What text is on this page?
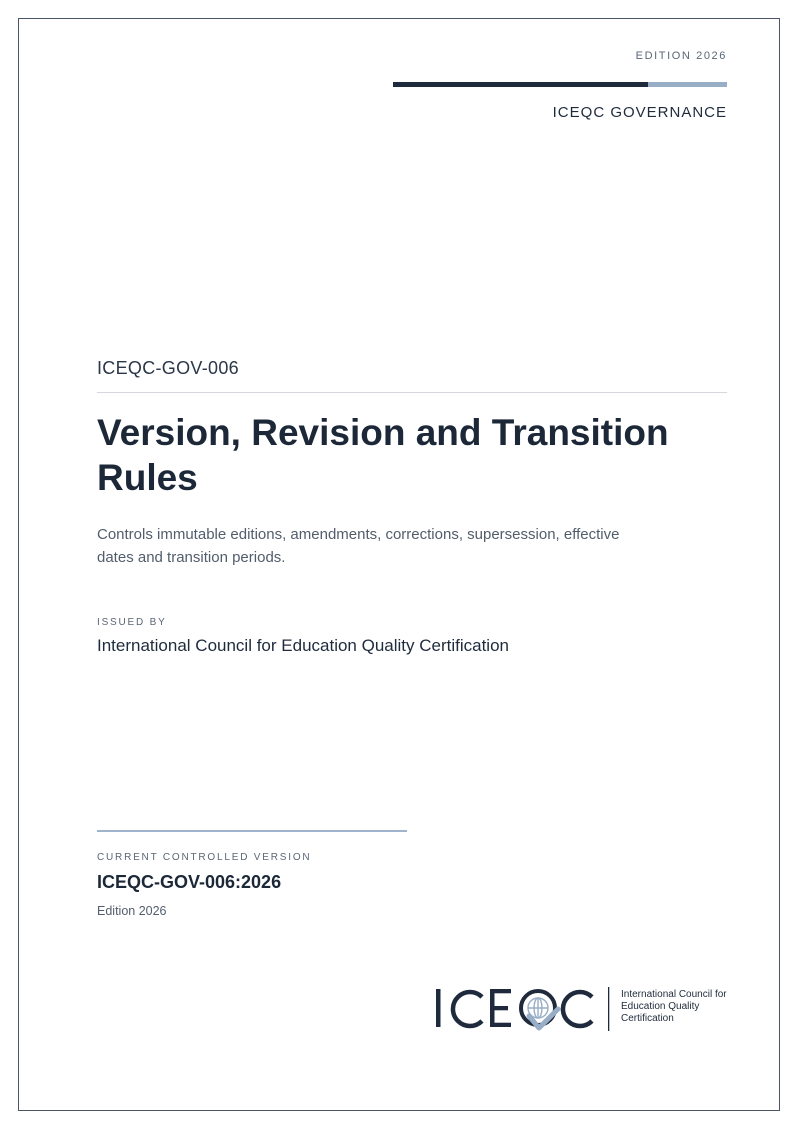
EDITION 2026
ICEQC GOVERNANCE
ICEQC-GOV-006
Version, Revision and Transition Rules

Controls immutable editions, amendments, corrections, supersession, effective dates and transition periods.

ISSUED BY
International Council for Education Quality Certification
CURRENT CONTROLLED VERSION
ICEQC-GOV-006:2026
Edition 2026
International Council for Education Quality Certification
